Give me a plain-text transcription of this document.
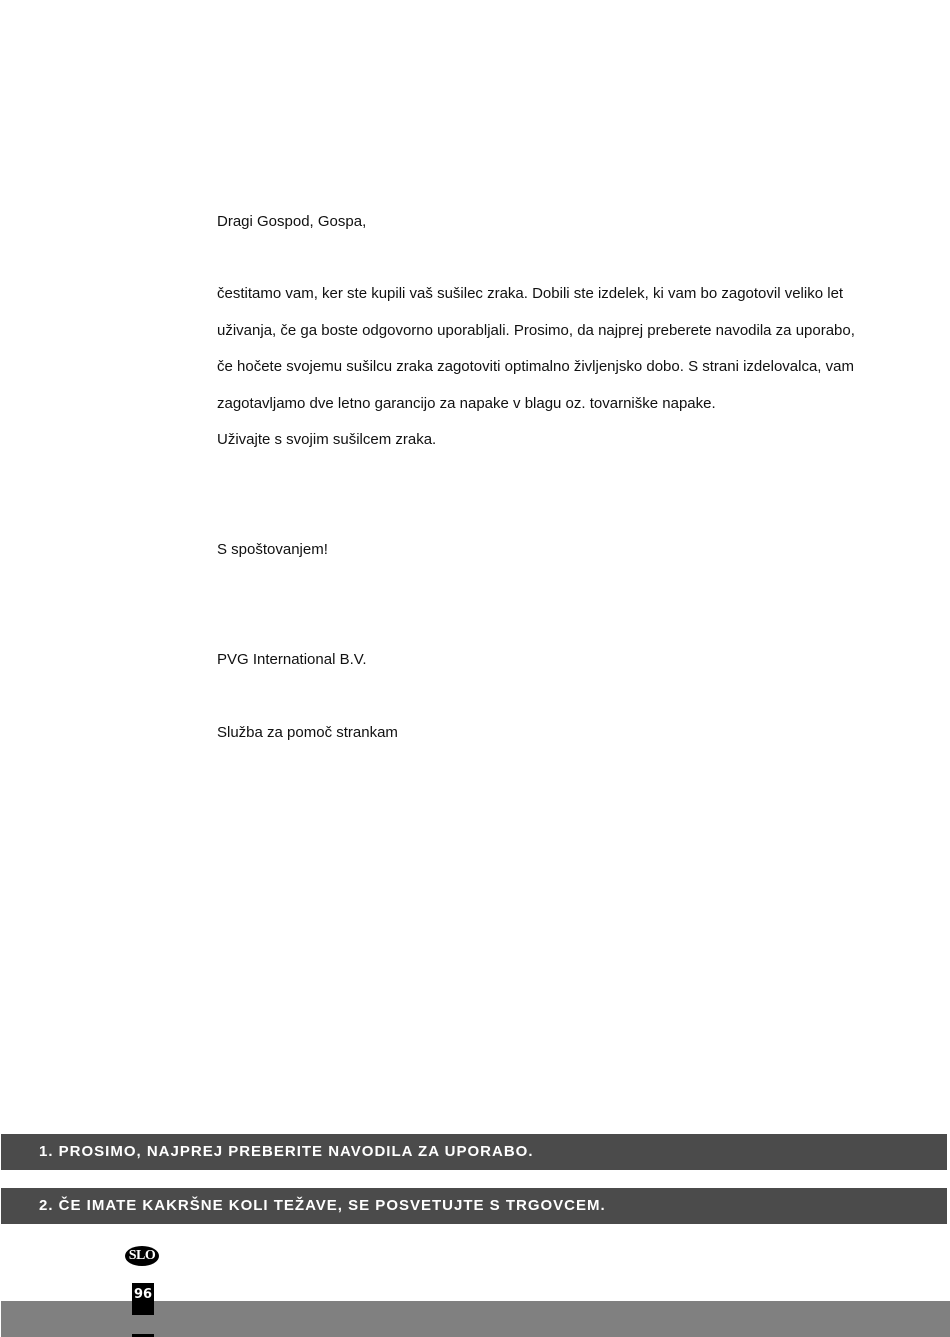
Dragi Gospod, Gospa,

čestitamo vam, ker ste kupili vaš sušilec zraka. Dobili ste izdelek, ki vam bo zagotovil veliko let

uživanja, če ga boste odgovorno uporabljali. Prosimo, da najprej preberete navodila za uporabo,

če hočete svojemu sušilcu zraka zagotoviti optimalno življenjsko dobo. S strani izdelovalca, vam

zagotavljamo dve letno garancijo za napake v blagu oz. tovarniške napake.

Uživajte s svojim sušilcem zraka.

S spoštovanjem!

PVG International B.V.

Služba za pomoč strankam

1. PROSIMO, NAJPREJ PREBERITE NAVODILA ZA UPORABO.
2. ČE IMATE KAKRŠNE KOLI TEŽAVE, SE POSVETUJTE S TRGOVCEM.
SLO
96
